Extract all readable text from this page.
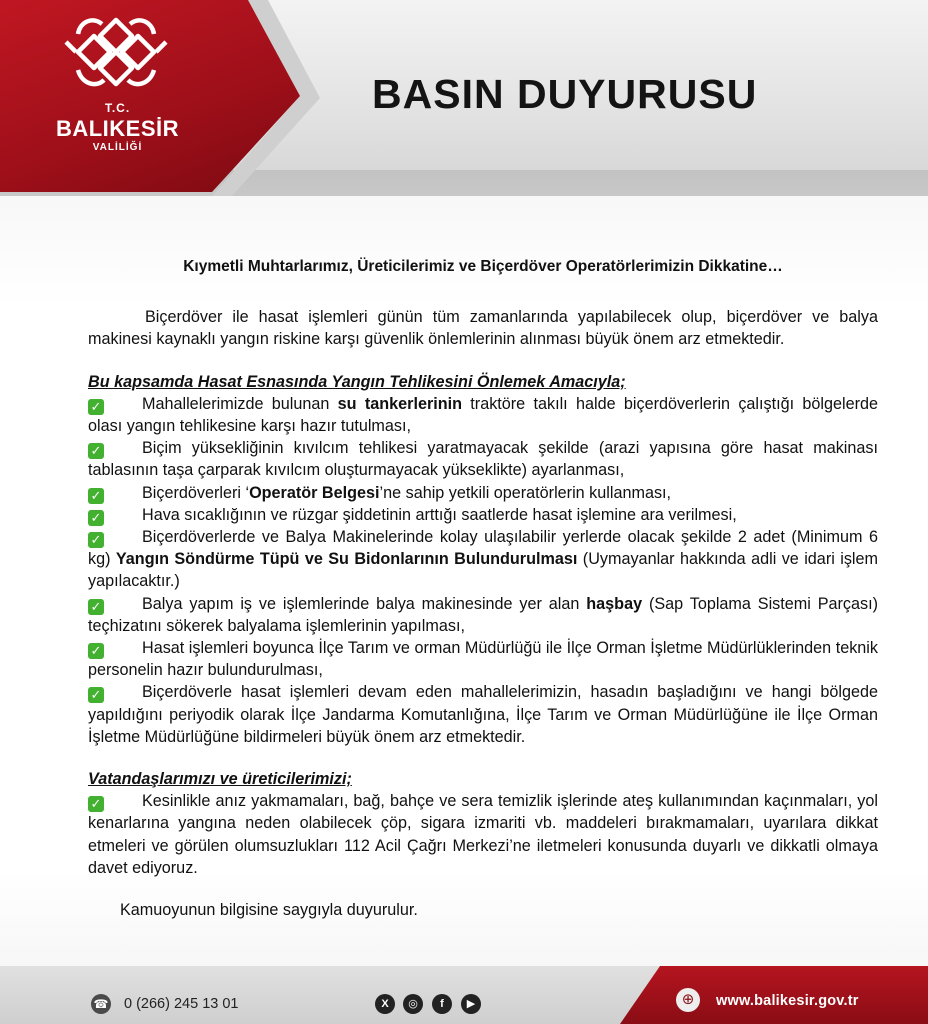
T.C.
BALIKESİR
VALİLİĞİ
BASIN DUYURUSU

Kıymetli Muhtarlarımız, Üreticilerimiz ve Biçerdöver Operatörlerimizin Dikkatine…

Biçerdöver ile hasat işlemleri günün tüm zamanlarında yapılabilecek olup, biçerdöver ve balya makinesi kaynaklı yangın riskine karşı güvenlik önlemlerinin alınması büyük önem arz etmektedir.

Bu kapsamda Hasat Esnasında Yangın Tehlikesini Önlemek Amacıyla;

✓	Mahallelerimizde bulunan su tankerlerinin traktöre takılı halde biçerdöverlerin çalıştığı bölgelerde olası yangın tehlikesine karşı hazır tutulması,
✓	Biçim yüksekliğinin kıvılcım tehlikesi yaratmayacak şekilde (arazi yapısına göre hasat makinası tablasının taşa çarparak kıvılcım oluşturmayacak yükseklikte) ayarlanması,
✓	Biçerdöverleri ‘Operatör Belgesi’ne sahip yetkili operatörlerin kullanması,
✓	Hava sıcaklığının ve rüzgar şiddetinin arttığı saatlerde hasat işlemine ara verilmesi,
✓	Biçerdöverlerde ve Balya Makinelerinde kolay ulaşılabilir yerlerde olacak şekilde 2 adet (Minimum 6 kg) Yangın Söndürme Tüpü ve Su Bidonlarının Bulundurulması (Uymayanlar hakkında adli ve idari işlem yapılacaktır.)
✓	Balya yapım iş ve işlemlerinde balya makinesinde yer alan haşbay (Sap Toplama Sistemi Parçası) teçhizatını sökerek balyalama işlemlerinin yapılması,
✓	Hasat işlemleri boyunca İlçe Tarım ve orman Müdürlüğü ile İlçe Orman İşletme Müdürlüklerinden teknik personelin hazır bulundurulması,
✓	Biçerdöverle hasat işlemleri devam eden mahallelerimizin, hasadın başladığını ve hangi bölgede yapıldığını periyodik olarak İlçe Jandarma Komutanlığına, İlçe Tarım ve Orman Müdürlüğüne ile İlçe Orman İşletme Müdürlüğüne bildirmeleri büyük önem arz etmektedir.

Vatandaşlarımızı ve üreticilerimizi;

✓	Kesinlikle anız yakmamaları, bağ, bahçe ve sera temizlik işlerinde ateş kullanımından kaçınmaları, yol kenarlarına yangına neden olabilecek çöp, sigara izmariti vb. maddeleri bırakmamaları, uyarılara dikkat etmeleri ve görülen olumsuzlukları 112 Acil Çağrı Merkezi’ne iletmeleri konusunda duyarlı ve dikkatli olmaya davet ediyoruz.

Kamuoyunun bilgisine saygıyla duyurulur.

☎ 0 (266) 245 13 01	X	◎	f	▶	⊕	www.balikesir.gov.tr
